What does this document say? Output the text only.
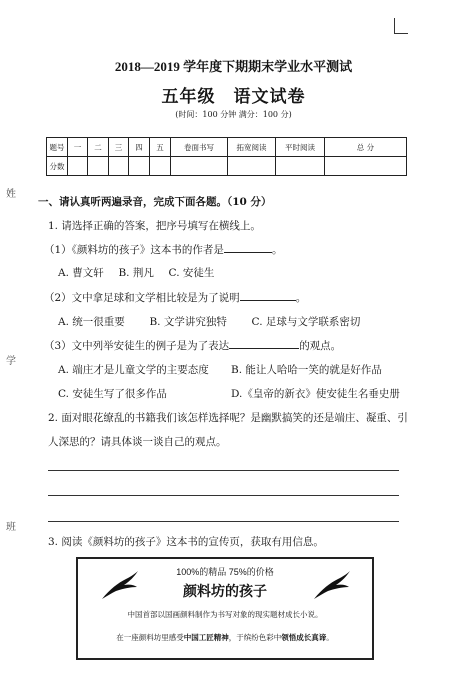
姓
学
班
2018—2019 学年度下期期末学业水平测试
五年级 语文试卷
(时间：100 分钟 满分：100 分)
题号	一	二	三	四	五	卷面书写	拓宽阅读	平时阅读	总 分
分数									
一、请认真听两遍录音，完成下面各题。（10 分）
1. 请选择正确的答案，把序号填写在横线上。
（1）《颜料坊的孩子》这本书的作者是	。
A. 曹文轩 B. 荆凡 C. 安徒生
（2）文中拿足球和文学相比较是为了说明	。
A. 统一很重要 B. 文学讲究独特 C. 足球与文学联系密切
（3）文中列举安徒生的例子是为了表达	的观点。
A. 端庄才是儿童文学的主要态度 B. 能让人哈哈一笑的就是好作品
C. 安徒生写了很多作品	D.《皇帝的新衣》使安徒生名垂史册
2. 面对眼花缭乱的书籍我们该怎样选择呢？是幽默搞笑的还是端庄、凝重、引
人深思的？请具体谈一谈自己的观点。
3. 阅读《颜料坊的孩子》这本书的宣传页，获取有用信息。
100%的精品 75%的价格
颜料坊的孩子
中国首部以国画颜料制作为书写对象的现实题材成长小说。
在一座颜料坊里感受中国工匠精神，于缤纷色彩中领悟成长真谛。
